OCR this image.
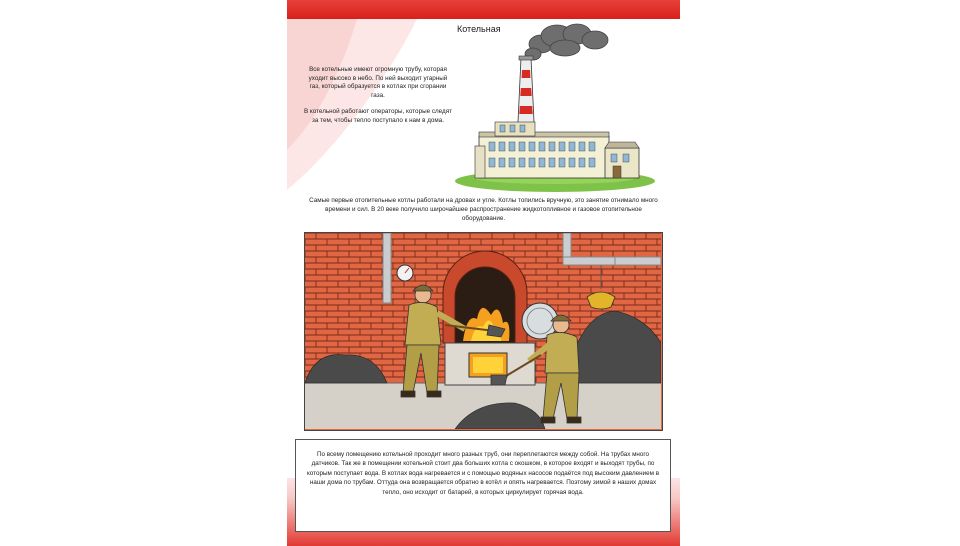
Котельная

Все котельные имеют огромную трубу, которая уходит высоко в небо. По ней выходит угарный газ, который образуется в котлах при сгорании газа.

В котельной работают операторы, которые следят за тем, чтобы тепло поступало к нам в дома.

Самые первые отопительные котлы работали на дровах и угле. Котлы топились вручную, это занятие отнимало много времени и сил. В 20 веке получило широчайшее распространение жидкотопливное и газовое отопительное оборудование.
По всему помещению котельной проходит много разных труб, они переплетаются между собой. На трубах много датчиков. Так же в помещении котельной стоит два больших котла с окошком, в которое входят и выходят трубы, по которым поступает вода. В котлах вода нагревается и с помощью водяных насосов подаётся под высоким давлением в наши дома по трубам. Оттуда она возвращается обратно в котёл и опять нагревается. Поэтому зимой в наших домах тепло, оно исходит от батарей, в которых циркулирует горячая вода.
